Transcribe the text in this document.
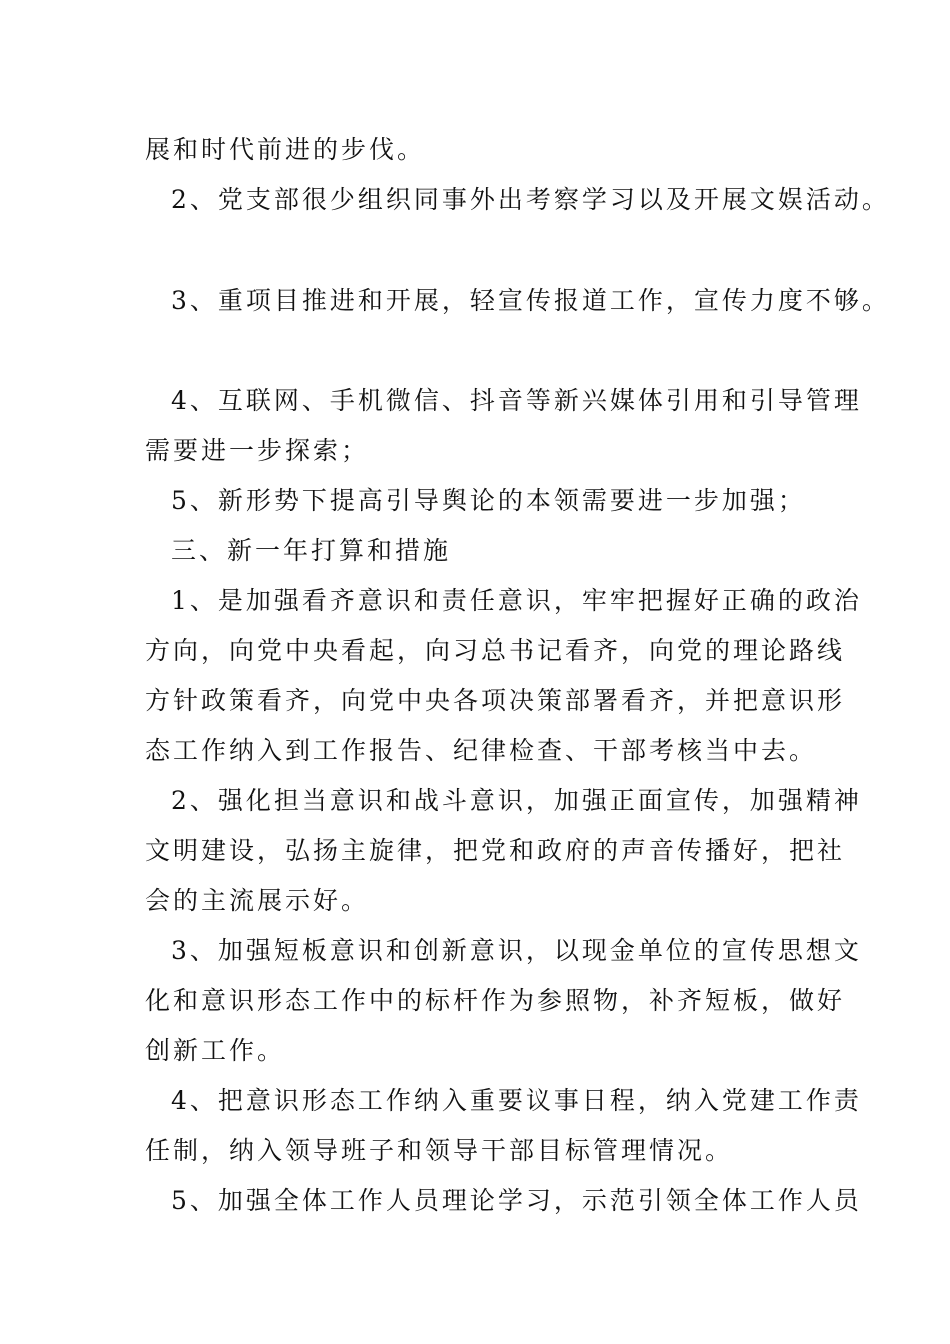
展和时代前进的步伐。
2、党支部很少组织同事外出考察学习以及开展文娱活动。
3、重项目推进和开展，轻宣传报道工作，宣传力度不够。
4、互联网、手机微信、抖音等新兴媒体引用和引导管理
需要进一步探索；
5、新形势下提高引导舆论的本领需要进一步加强；
三、新一年打算和措施
1、是加强看齐意识和责任意识，牢牢把握好正确的政治
方向，向党中央看起，向习总书记看齐，向党的理论路线
方针政策看齐，向党中央各项决策部署看齐，并把意识形
态工作纳入到工作报告、纪律检查、干部考核当中去。
2、强化担当意识和战斗意识，加强正面宣传，加强精神
文明建设，弘扬主旋律，把党和政府的声音传播好，把社
会的主流展示好。
3、加强短板意识和创新意识，以现金单位的宣传思想文
化和意识形态工作中的标杆作为参照物，补齐短板，做好
创新工作。
4、把意识形态工作纳入重要议事日程，纳入党建工作责
任制，纳入领导班子和领导干部目标管理情况。
5、加强全体工作人员理论学习，示范引领全体工作人员
